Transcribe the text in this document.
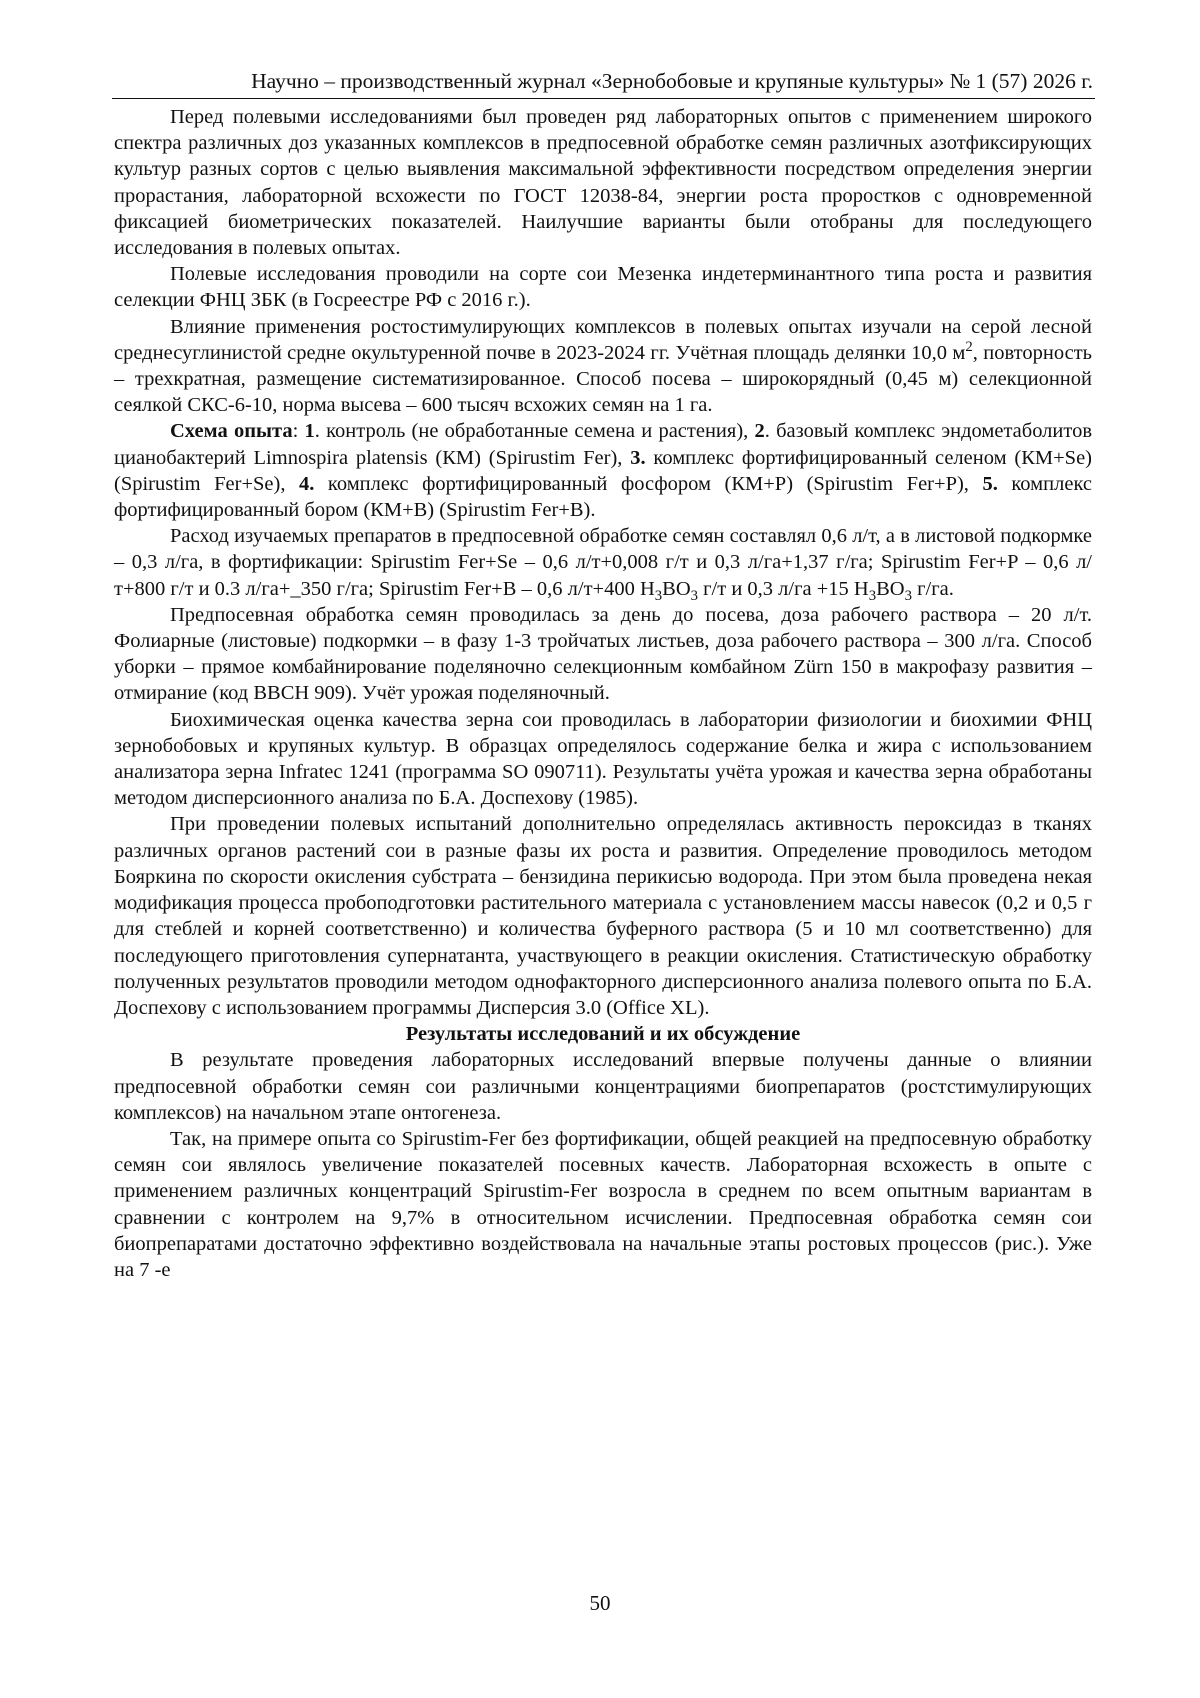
Научно – производственный журнал «Зернобобовые и крупяные культуры» № 1 (57) 2026 г.

Перед полевыми исследованиями был проведен ряд лабораторных опытов с применением широкого спектра различных доз указанных комплексов в предпосевной обработке семян различных азотфиксирующих культур разных сортов с целью выявления максимальной эффективности посредством определения энергии прорастания, лабораторной всхожести по ГОСТ 12038-84, энергии роста проростков с одновременной фиксацией биометрических показателей. Наилучшие варианты были отобраны для последующего исследования в полевых опытах.

Полевые исследования проводили на сорте сои Мезенка индетерминантного типа роста и развития селекции ФНЦ ЗБК (в Госреестре РФ с 2016 г.).

Влияние применения ростостимулирующих комплексов в полевых опытах изучали на серой лесной среднесуглинистой средне окультуренной почве в 2023-2024 гг. Учётная площадь делянки 10,0 $м^2$, повторность – трехкратная, размещение систематизированное. Способ посева – широкорядный (0,45 м) селекционной сеялкой СКС-6-10, норма высева – 600 тысяч всхожих семян на 1 га.

Схема опыта: 1. контроль (не обработанные семена и растения), 2. базовый комплекс эндометаболитов цианобактерий Limnospira platensis (КМ) (Spirustim Fer), 3. комплекс фортифицированный селеном (КМ+Se) (Spirustim Fer+Se), 4. комплекс фортифицированный фосфором (КМ+Р) (Spirustim Fer+P), 5. комплекс фортифицированный бором (КМ+B) (Spirustim Fer+B).

Расход изучаемых препаратов в предпосевной обработке семян составлял 0,6 л/т, а в листовой подкормке – 0,3 л/га, в фортификации: Spirustim Fer+Se – 0,6 л/т+0,008 г/т и 0,3 л/га+1,37 г/га; Spirustim Fer+P – 0,6 л/т+800 г/т и 0.3 л/га+_350 г/га; Spirustim Fer+B – 0,6 л/т+400 $H_3BO_3$ г/т и 0,3 л/га +15 $H_3BO_3$ г/га.

Предпосевная обработка семян проводилась за день до посева, доза рабочего раствора – 20 л/т. Фолиарные (листовые) подкормки – в фазу 1-3 тройчатых листьев, доза рабочего раствора – 300 л/га. Способ уборки – прямое комбайнирование поделяночно селекционным комбайном Zürn 150 в макрофазу развития – отмирание (код BBCH 909). Учёт урожая поделяночный.

Биохимическая оценка качества зерна сои проводилась в лаборатории физиологии и биохимии ФНЦ зернобобовых и крупяных культур. В образцах определялось содержание белка и жира с использованием анализатора зерна Infratec 1241 (программа SO 090711). Результаты учёта урожая и качества зерна обработаны методом дисперсионного анализа по Б.А. Доспехову (1985).

При проведении полевых испытаний дополнительно определялась активность пероксидаз в тканях различных органов растений сои в разные фазы их роста и развития. Определение проводилось методом Бояркина по скорости окисления субстрата – бензидина перикисью водорода. При этом была проведена некая модификация процесса пробоподготовки растительного материала с установлением массы навесок (0,2 и 0,5 г для стеблей и корней соответственно) и количества буферного раствора (5 и 10 мл соответственно) для последующего приготовления супернатанта, участвующего в реакции окисления. Статистическую обработку полученных результатов проводили методом однофакторного дисперсионного анализа полевого опыта по Б.А. Доспехову с использованием программы Дисперсия 3.0 (Office XL).

Результаты исследований и их обсуждение

В результате проведения лабораторных исследований впервые получены данные о влиянии предпосевной обработки семян сои различными концентрациями биопрепаратов (ростстимулирующих комплексов) на начальном этапе онтогенеза.

Так, на примере опыта со Spirustim-Fer без фортификации, общей реакцией на предпосевную обработку семян сои являлось увеличение показателей посевных качеств. Лабораторная всхожесть в опыте с применением различных концентраций Spirustim-Fer возросла в среднем по всем опытным вариантам в сравнении с контролем на 9,7% в относительном исчислении. Предпосевная обработка семян сои биопрепаратами достаточно эффективно воздействовала на начальные этапы ростовых процессов (рис.). Уже на 7 -е

50
